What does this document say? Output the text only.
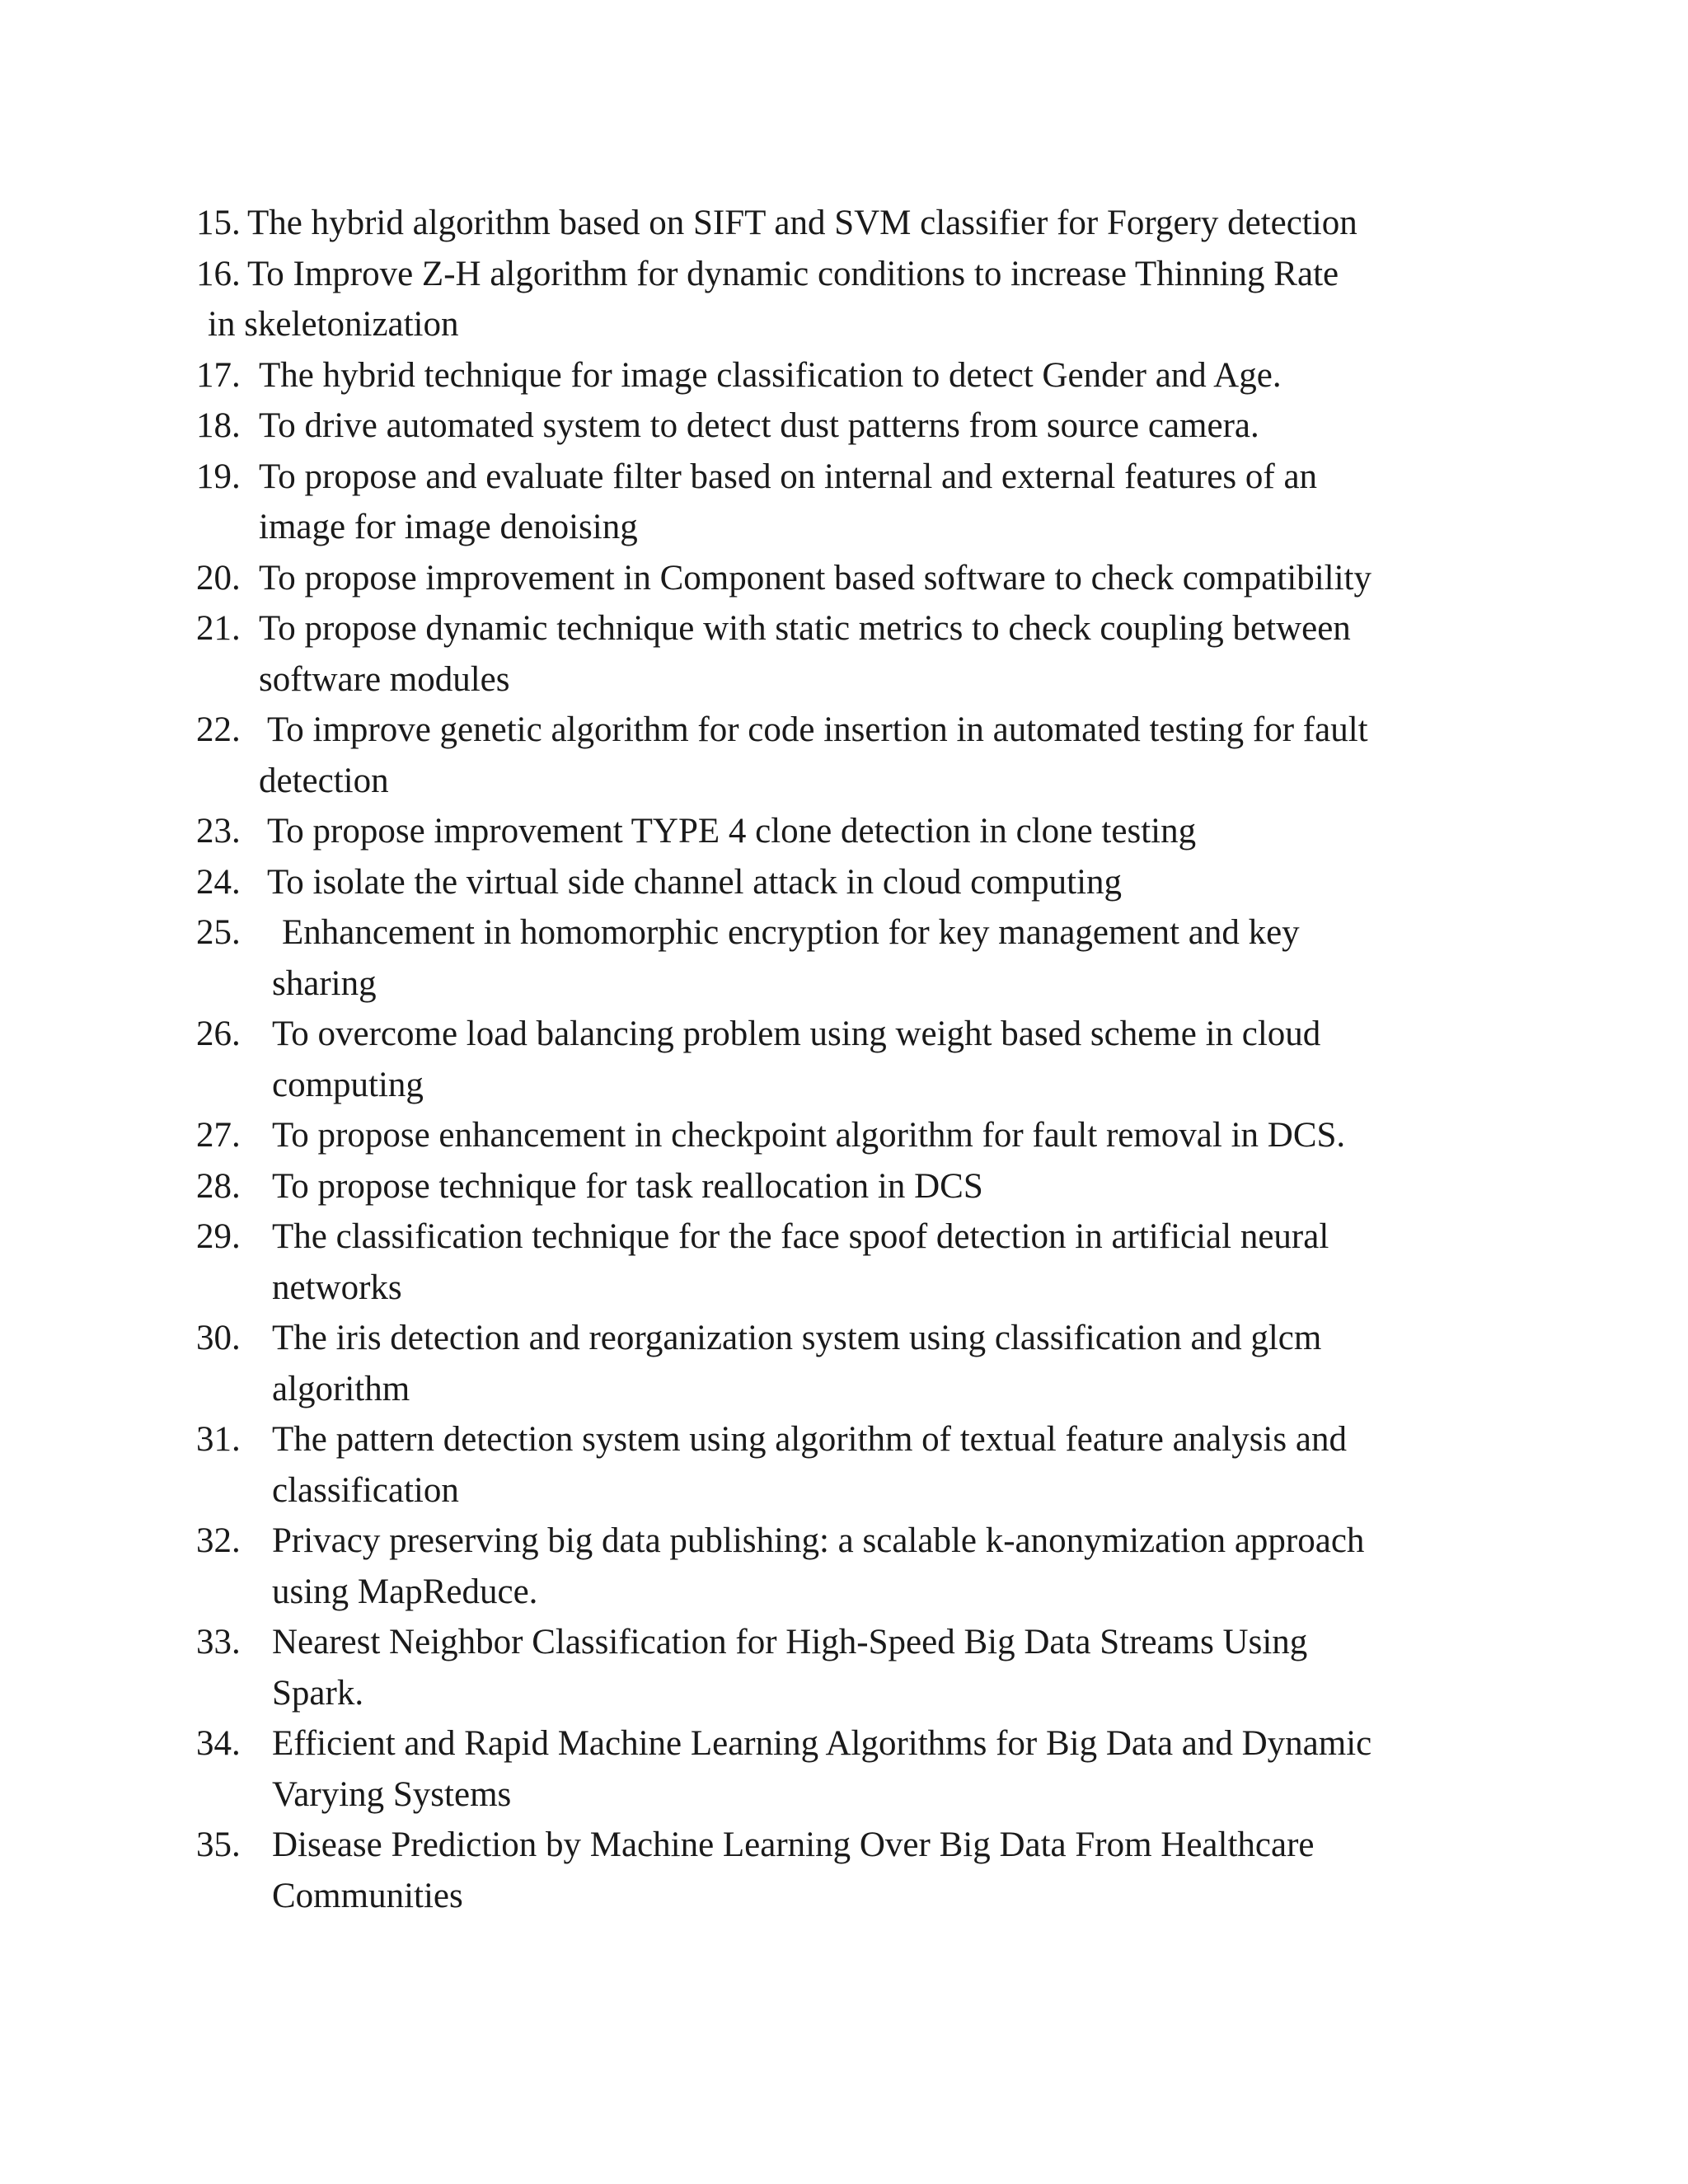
15. The hybrid algorithm based on SIFT and SVM classifier for Forgery detection
16. To Improve Z-H algorithm for dynamic conditions to increase Thinning Rate
in skeletonization
17. The hybrid technique for image classification to detect Gender and Age.
18. To drive automated system to detect dust patterns from source camera.
19. To propose and evaluate filter based on internal and external features of an
image for image denoising
20. To propose improvement in Component based software to check compatibility
21. To propose dynamic technique with static metrics to check coupling between
software modules
22. To improve genetic algorithm for code insertion in automated testing for fault
detection
23. To propose improvement TYPE 4 clone detection in clone testing
24. To isolate the virtual side channel attack in cloud computing
25.	Enhancement in homomorphic encryption for key management and key
sharing
26. To overcome load balancing problem using weight based scheme in cloud
computing
27. To propose enhancement in checkpoint algorithm for fault removal in DCS.
28. To propose technique for task reallocation in DCS
29. The classification technique for the face spoof detection in artificial neural
networks
30. The iris detection and reorganization system using classification and glcm
algorithm
31. The pattern detection system using algorithm of textual feature analysis and
classification
32. Privacy preserving big data publishing: a scalable k-anonymization approach
using MapReduce.
33. Nearest Neighbor Classification for High-Speed Big Data Streams Using
Spark.
34. Efficient and Rapid Machine Learning Algorithms for Big Data and Dynamic
Varying Systems
35. Disease Prediction by Machine Learning Over Big Data From Healthcare
Communities
